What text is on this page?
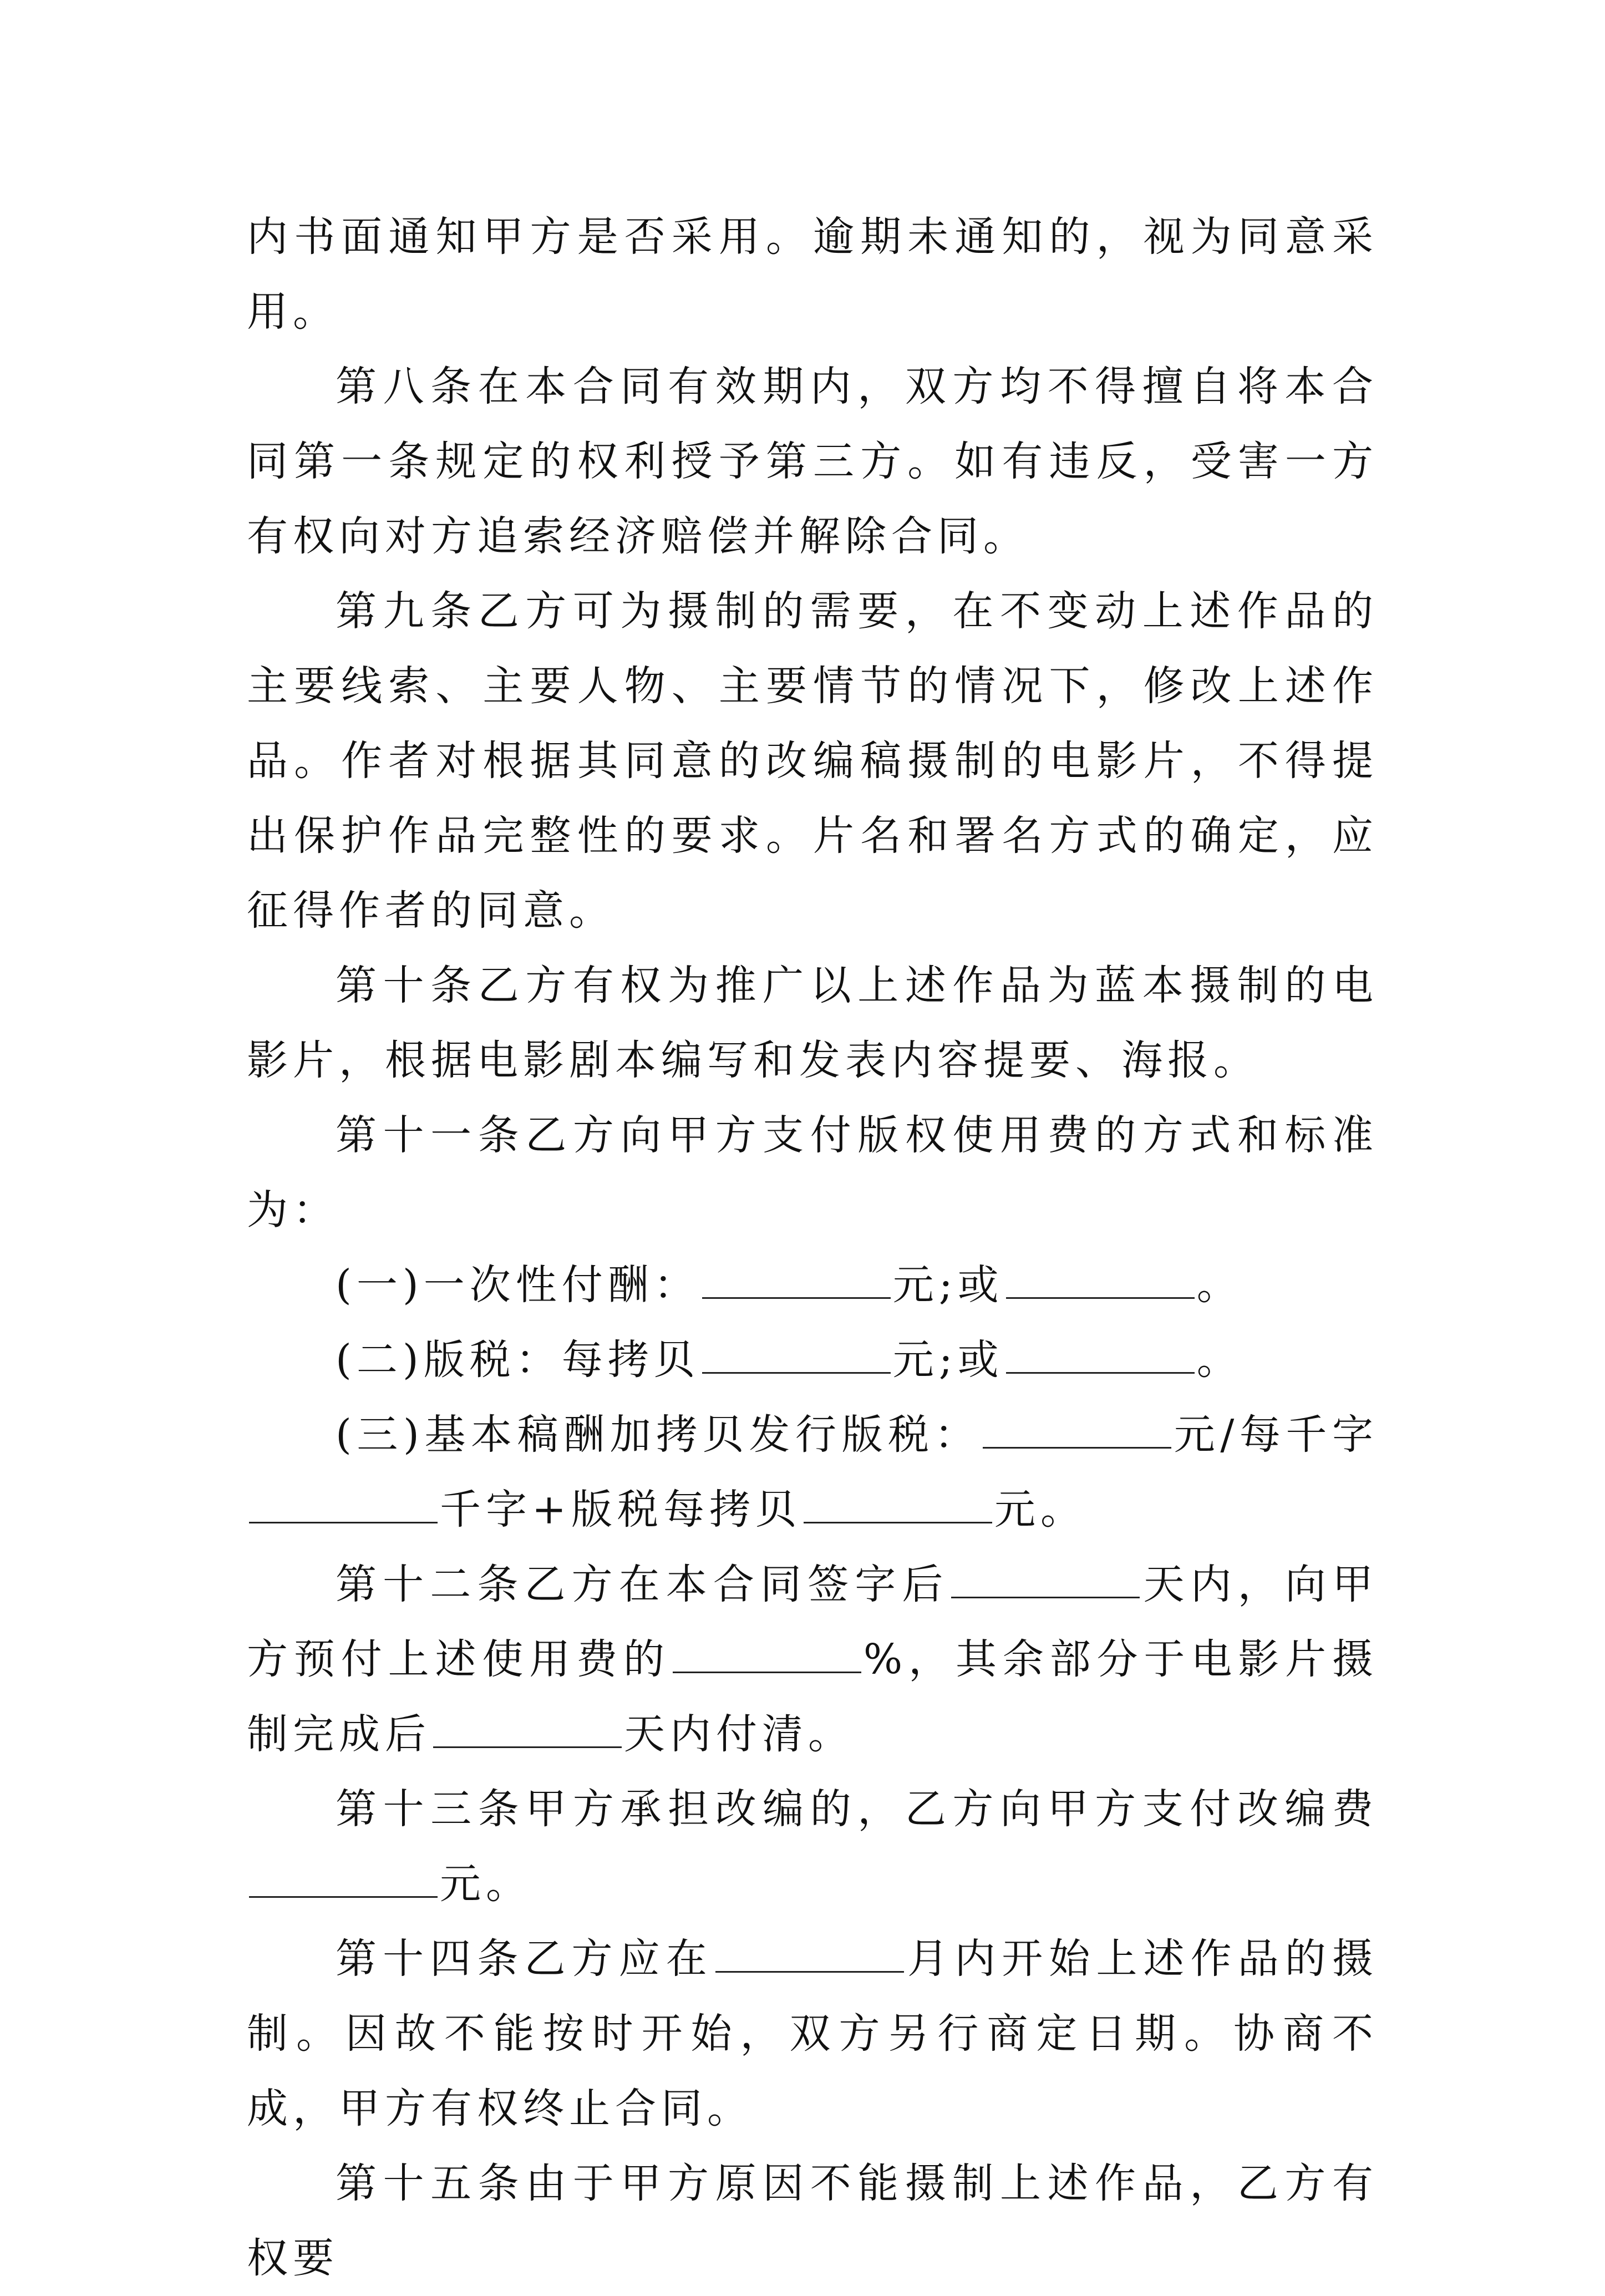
内书面通知甲方是否采用。逾期未通知的，视为同意采用。

第八条在本合同有效期内，双方均不得擅自将本合同第一条规定的权利授予第三方。如有违反，受害一方有权向对方追索经济赔偿并解除合同。

第九条乙方可为摄制的需要，在不变动上述作品的主要线索、主要人物、主要情节的情况下，修改上述作品。作者对根据其同意的改编稿摄制的电影片，不得提出保护作品完整性的要求。片名和署名方式的确定，应征得作者的同意。

第十条乙方有权为推广以上述作品为蓝本摄制的电影片，根据电影剧本编写和发表内容提要、海报。

第十一条乙方向甲方支付版权使用费的方式和标准为：

(一)一次性付酬：	元;或	。

(二)版税：每拷贝	元;或	。

(三)基本稿酬加拷贝发行版税：	元/每千字千字+版税每拷贝	元。

第十二条乙方在本合同签字后	天内，向甲方预付上述使用费的	%，其余部分于电影片摄制完成后	天内付清。

第十三条甲方承担改编的，乙方向甲方支付改编费元。

第十四条乙方应在	月内开始上述作品的摄制。因故不能按时开始，双方另行商定日期。协商不成，甲方有权终止合同。

第十五条由于甲方原因不能摄制上述作品，乙方有权要
